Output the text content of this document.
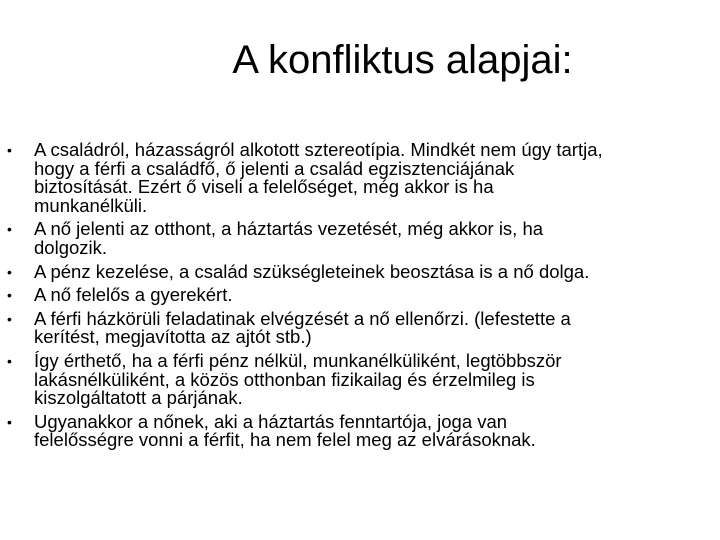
A konfliktus alapjai:
• A családról, házasságról alkotott sztereotípia. Mindkét nem úgy tartja,
hogy a férfi a családfő, ő jelenti a család egzisztenciájának
biztosítását. Ezért ő viseli a felelőséget, még akkor is ha
munkanélküli.
• A nő jelenti az otthont, a háztartás vezetését, még akkor is, ha
dolgozik.
• A pénz kezelése, a család szükségleteinek beosztása is a nő dolga.
• A nő felelős a gyerekért.
• A férfi házkörüli feladatinak elvégzését a nő ellenőrzi. (lefestette a
kerítést, megjavította az ajtót stb.)
• Így érthető, ha a férfi pénz nélkül, munkanélküliként, legtöbbször
lakásnélküliként, a közös otthonban fizikailag és érzelmileg is
kiszolgáltatott a párjának.
• Ugyanakkor a nőnek, aki a háztartás fenntartója, joga van
felelősségre vonni a férfit, ha nem felel meg az elvárásoknak.
